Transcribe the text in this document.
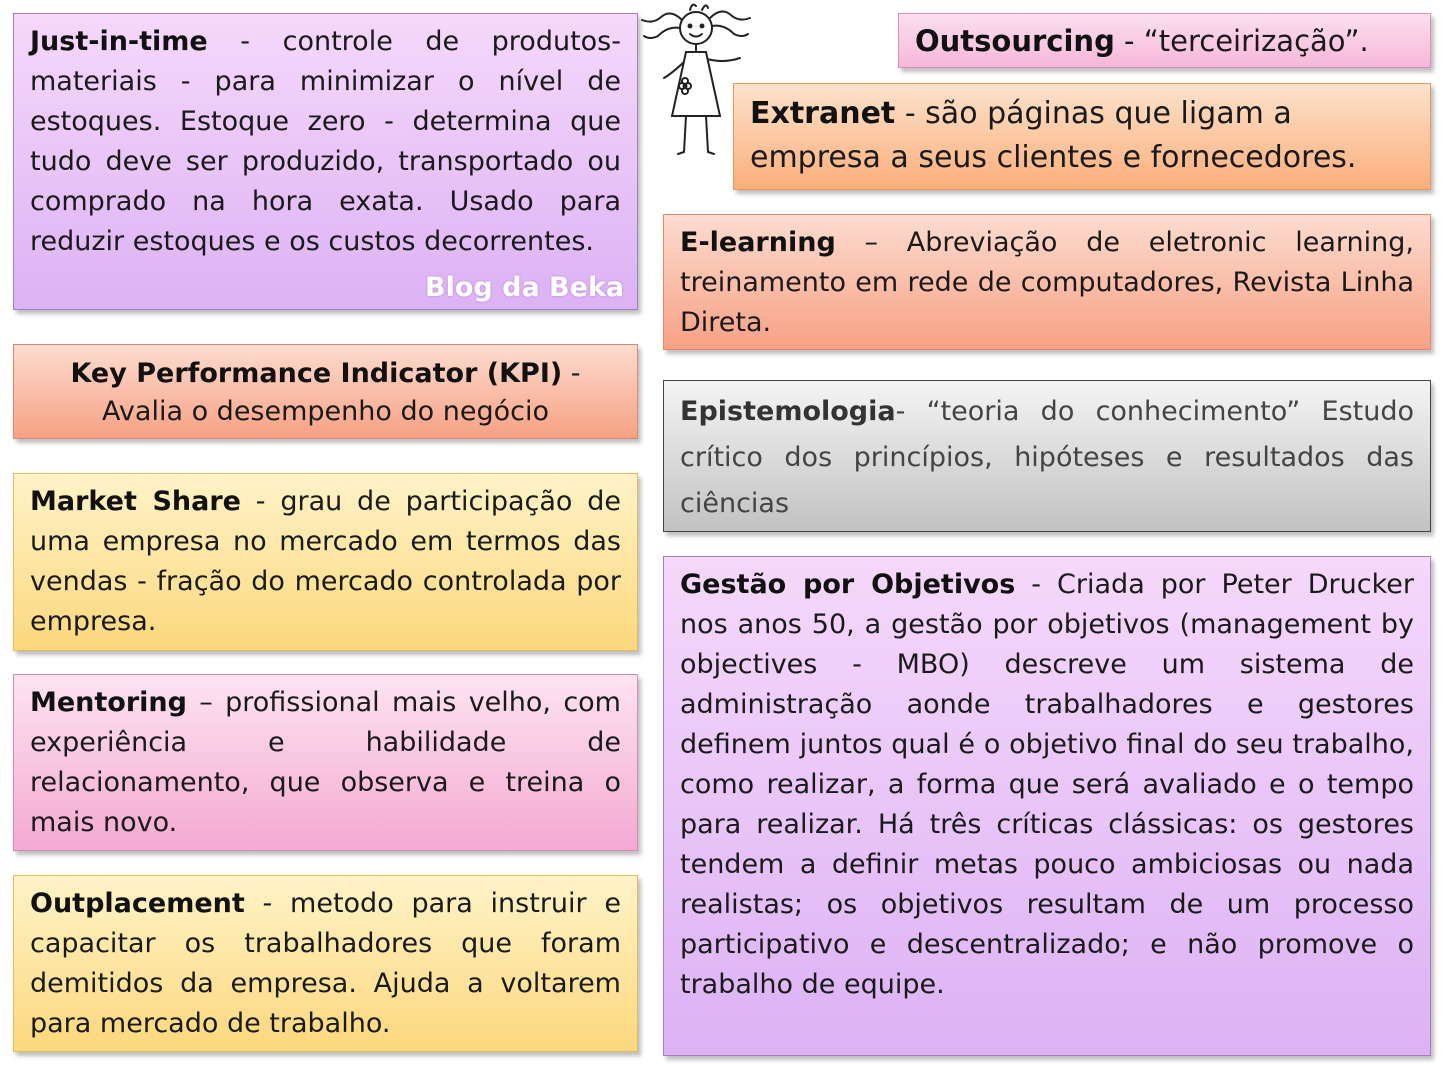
Just-in-time - controle de produtos-materiais - para minimizar o nível de estoques. Estoque zero - determina que tudo deve ser produzido, transportado ou comprado na hora exata. Usado para reduzir estoques e os custos decorrentes.
Blog da Beka
Key Performance Indicator (KPI) - Avalia o desempenho do negócio
Market Share - grau de participação de uma empresa no mercado em termos das vendas - fração do mercado controlada por empresa.
Mentoring – profissional mais velho, com experiência e habilidade de relacionamento, que observa e treina o mais novo.
Outplacement - metodo para instruir e capacitar os trabalhadores que foram demitidos da empresa. Ajuda a voltarem para mercado de trabalho.
Outsourcing - “terceirização”.
Extranet - são páginas que ligam a empresa a seus clientes e fornecedores.
E-learning – Abreviação de eletronic learning, treinamento em rede de computadores, Revista Linha Direta.
Epistemologia- “teoria do conhecimento” Estudo crítico dos princípios, hipóteses e resultados das ciências
Gestão por Objetivos - Criada por Peter Drucker nos anos 50, a gestão por objetivos (management by objectives - MBO) descreve um sistema de administração aonde trabalhadores e gestores definem juntos qual é o objetivo final do seu trabalho, como realizar, a forma que será avaliado e o tempo para realizar. Há três críticas clássicas: os gestores tendem a definir metas pouco ambiciosas ou nada realistas; os objetivos resultam de um processo participativo e descentralizado; e não promove o trabalho de equipe.
